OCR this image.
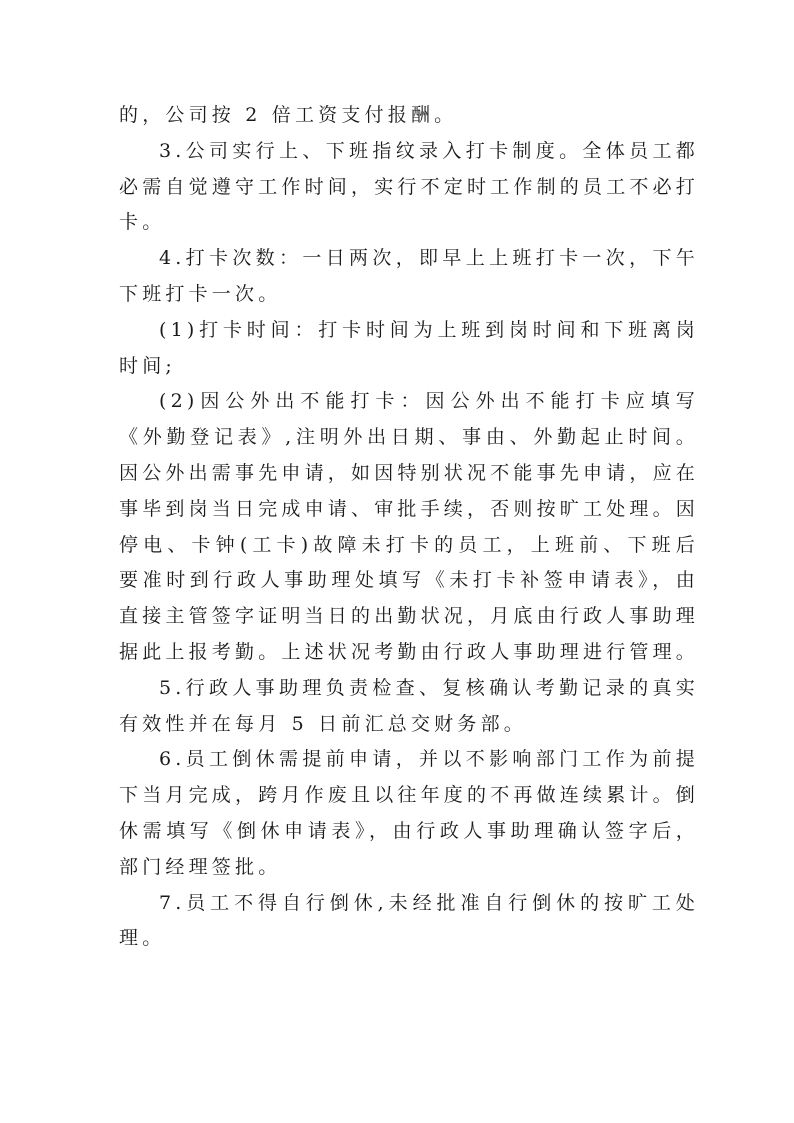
的，公司按 2 倍工资支付报酬。

3.公司实行上、下班指纹录入打卡制度。全体员工都必需自觉遵守工作时间，实行不定时工作制的员工不必打卡。

4.打卡次数：一日两次，即早上上班打卡一次，下午下班打卡一次。

(1)打卡时间：打卡时间为上班到岗时间和下班离岗时间;

(2)因公外出不能打卡：因公外出不能打卡应填写《外勤登记表》,注明外出日期、事由、外勤起止时间。因公外出需事先申请，如因特别状况不能事先申请，应在事毕到岗当日完成申请、审批手续，否则按旷工处理。因停电、卡钟(工卡)故障未打卡的员工，上班前、下班后要准时到行政人事助理处填写《未打卡补签申请表》，由直接主管签字证明当日的出勤状况，月底由行政人事助理据此上报考勤。上述状况考勤由行政人事助理进行管理。

5.行政人事助理负责检查、复核确认考勤记录的真实有效性并在每月 5 日前汇总交财务部。

6.员工倒休需提前申请，并以不影响部门工作为前提下当月完成，跨月作废且以往年度的不再做连续累计。倒休需填写《倒休申请表》，由行政人事助理确认签字后，部门经理签批。

7.员工不得自行倒休,未经批准自行倒休的按旷工处理。
